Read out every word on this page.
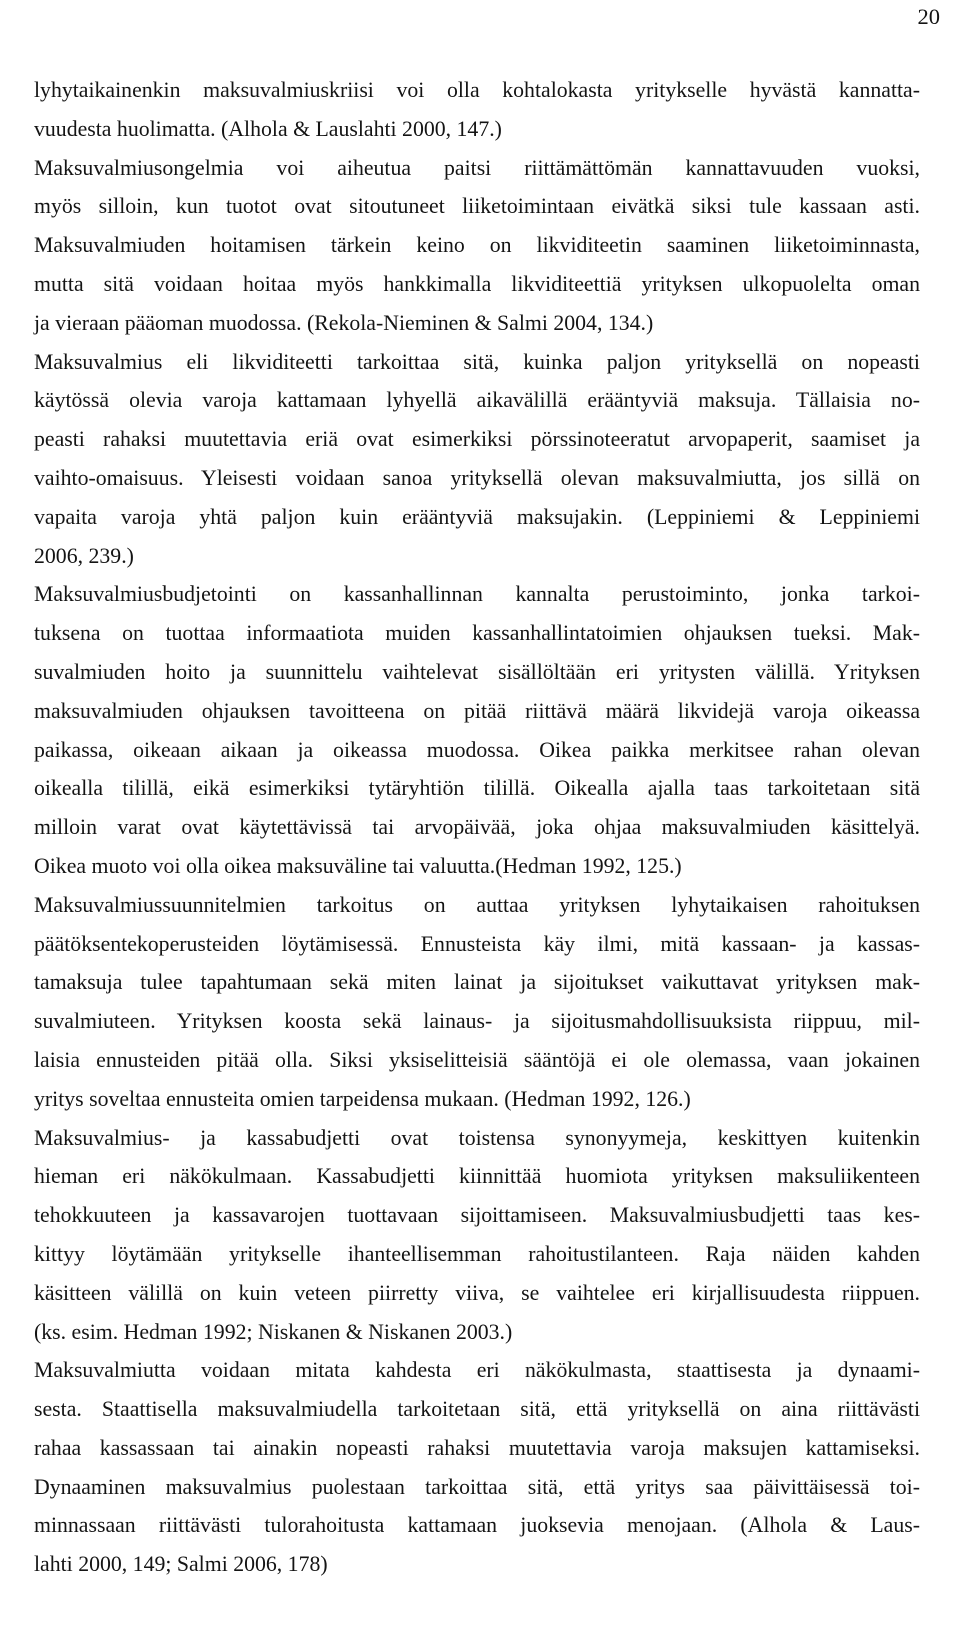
20
lyhytaikainenkin maksuvalmiuskriisi voi olla kohtalokasta yritykselle hyvästä kannatta-
vuudesta huolimatta. (Alhola & Lauslahti 2000, 147.)
Maksuvalmiusongelmia voi aiheutua paitsi riittämättömän kannattavuuden vuoksi,
myös silloin, kun tuotot ovat sitoutuneet liiketoimintaan eivätkä siksi tule kassaan asti.
Maksuvalmiuden hoitamisen tärkein keino on likviditeetin saaminen liiketoiminnasta,
mutta sitä voidaan hoitaa myös hankkimalla likviditeettiä yrityksen ulkopuolelta oman
ja vieraan pääoman muodossa. (Rekola-Nieminen & Salmi 2004, 134.)
Maksuvalmius eli likviditeetti tarkoittaa sitä, kuinka paljon yrityksellä on nopeasti
käytössä olevia varoja kattamaan lyhyellä aikavälillä erääntyviä maksuja. Tällaisia no-
peasti rahaksi muutettavia eriä ovat esimerkiksi pörssinoteeratut arvopaperit, saamiset ja
vaihto-omaisuus. Yleisesti voidaan sanoa yrityksellä olevan maksuvalmiutta, jos sillä on
vapaita varoja yhtä paljon kuin erääntyviä maksujakin. (Leppiniemi & Leppiniemi
2006, 239.)
Maksuvalmiusbudjetointi on kassanhallinnan kannalta perustoiminto, jonka tarkoi-
tuksena on tuottaa informaatiota muiden kassanhallintatoimien ohjauksen tueksi. Mak-
suvalmiuden hoito ja suunnittelu vaihtelevat sisällöltään eri yritysten välillä. Yrityksen
maksuvalmiuden ohjauksen tavoitteena on pitää riittävä määrä likvidejä varoja oikeassa
paikassa, oikeaan aikaan ja oikeassa muodossa. Oikea paikka merkitsee rahan olevan
oikealla tilillä, eikä esimerkiksi tytäryhtiön tilillä. Oikealla ajalla taas tarkoitetaan sitä
milloin varat ovat käytettävissä tai arvopäivää, joka ohjaa maksuvalmiuden käsittelyä.
Oikea muoto voi olla oikea maksuväline tai valuutta.(Hedman 1992, 125.)
Maksuvalmiussuunnitelmien tarkoitus on auttaa yrityksen lyhytaikaisen rahoituksen
päätöksentekoperusteiden löytämisessä. Ennusteista käy ilmi, mitä kassaan- ja kassas-
tamaksuja tulee tapahtumaan sekä miten lainat ja sijoitukset vaikuttavat yrityksen mak-
suvalmiuteen. Yrityksen koosta sekä lainaus- ja sijoitusmahdollisuuksista riippuu, mil-
laisia ennusteiden pitää olla. Siksi yksiselitteisiä sääntöjä ei ole olemassa, vaan jokainen
yritys soveltaa ennusteita omien tarpeidensa mukaan. (Hedman 1992, 126.)
Maksuvalmius- ja kassabudjetti ovat toistensa synonyymeja, keskittyen kuitenkin
hieman eri näkökulmaan. Kassabudjetti kiinnittää huomiota yrityksen maksuliikenteen
tehokkuuteen ja kassavarojen tuottavaan sijoittamiseen. Maksuvalmiusbudjetti taas kes-
kittyy löytämään yritykselle ihanteellisemman rahoitustilanteen. Raja näiden kahden
käsitteen välillä on kuin veteen piirretty viiva, se vaihtelee eri kirjallisuudesta riippuen.
(ks. esim. Hedman 1992; Niskanen & Niskanen 2003.)
Maksuvalmiutta voidaan mitata kahdesta eri näkökulmasta, staattisesta ja dynaami-
sesta. Staattisella maksuvalmiudella tarkoitetaan sitä, että yrityksellä on aina riittävästi
rahaa kassassaan tai ainakin nopeasti rahaksi muutettavia varoja maksujen kattamiseksi.
Dynaaminen maksuvalmius puolestaan tarkoittaa sitä, että yritys saa päivittäisessä toi-
minnassaan riittävästi tulorahoitusta kattamaan juoksevia menojaan. (Alhola & Laus-
lahti 2000, 149; Salmi 2006, 178)
